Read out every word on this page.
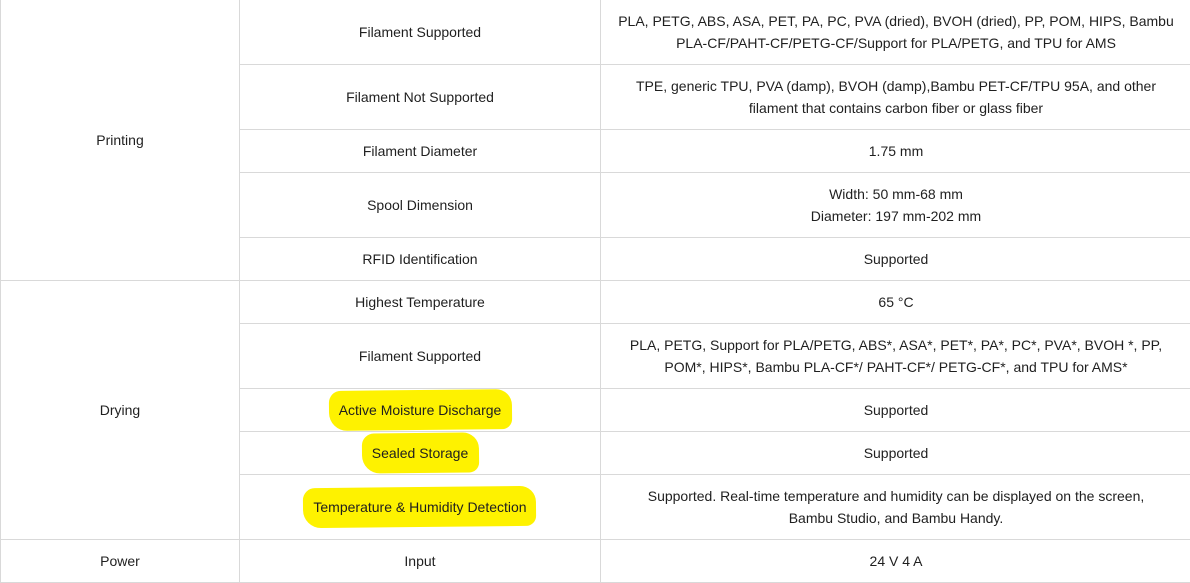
Printing	Filament Supported	PLA, PETG, ABS, ASA, PET, PA, PC, PVA (dried), BVOH (dried), PP, POM, HIPS, Bambu
PLA-CF/PAHT-CF/PETG-CF/Support for PLA/PETG, and TPU for AMS

	Filament Not Supported	TPE, generic TPU, PVA (damp), BVOH (damp),Bambu PET-CF/TPU 95A, and other
filament that contains carbon fiber or glass fiber

	Filament Diameter	1.75 mm

	Spool Dimension	Width: 50 mm-68 mm
Diameter: 197 mm-202 mm

	RFID Identification	Supported

Drying	Highest Temperature	65 °C

	Filament Supported	PLA, PETG, Support for PLA/PETG, ABS*, ASA*, PET*, PA*, PC*, PVA*, BVOH *, PP,
POM*, HIPS*, Bambu PLA-CF*/ PAHT-CF*/ PETG-CF*, and TPU for AMS*

	Active Moisture Discharge	Supported

	Sealed Storage	Supported

	Temperature & Humidity Detection	Supported. Real-time temperature and humidity can be displayed on the screen,
Bambu Studio, and Bambu Handy.

Power	Input	24 V 4 A
